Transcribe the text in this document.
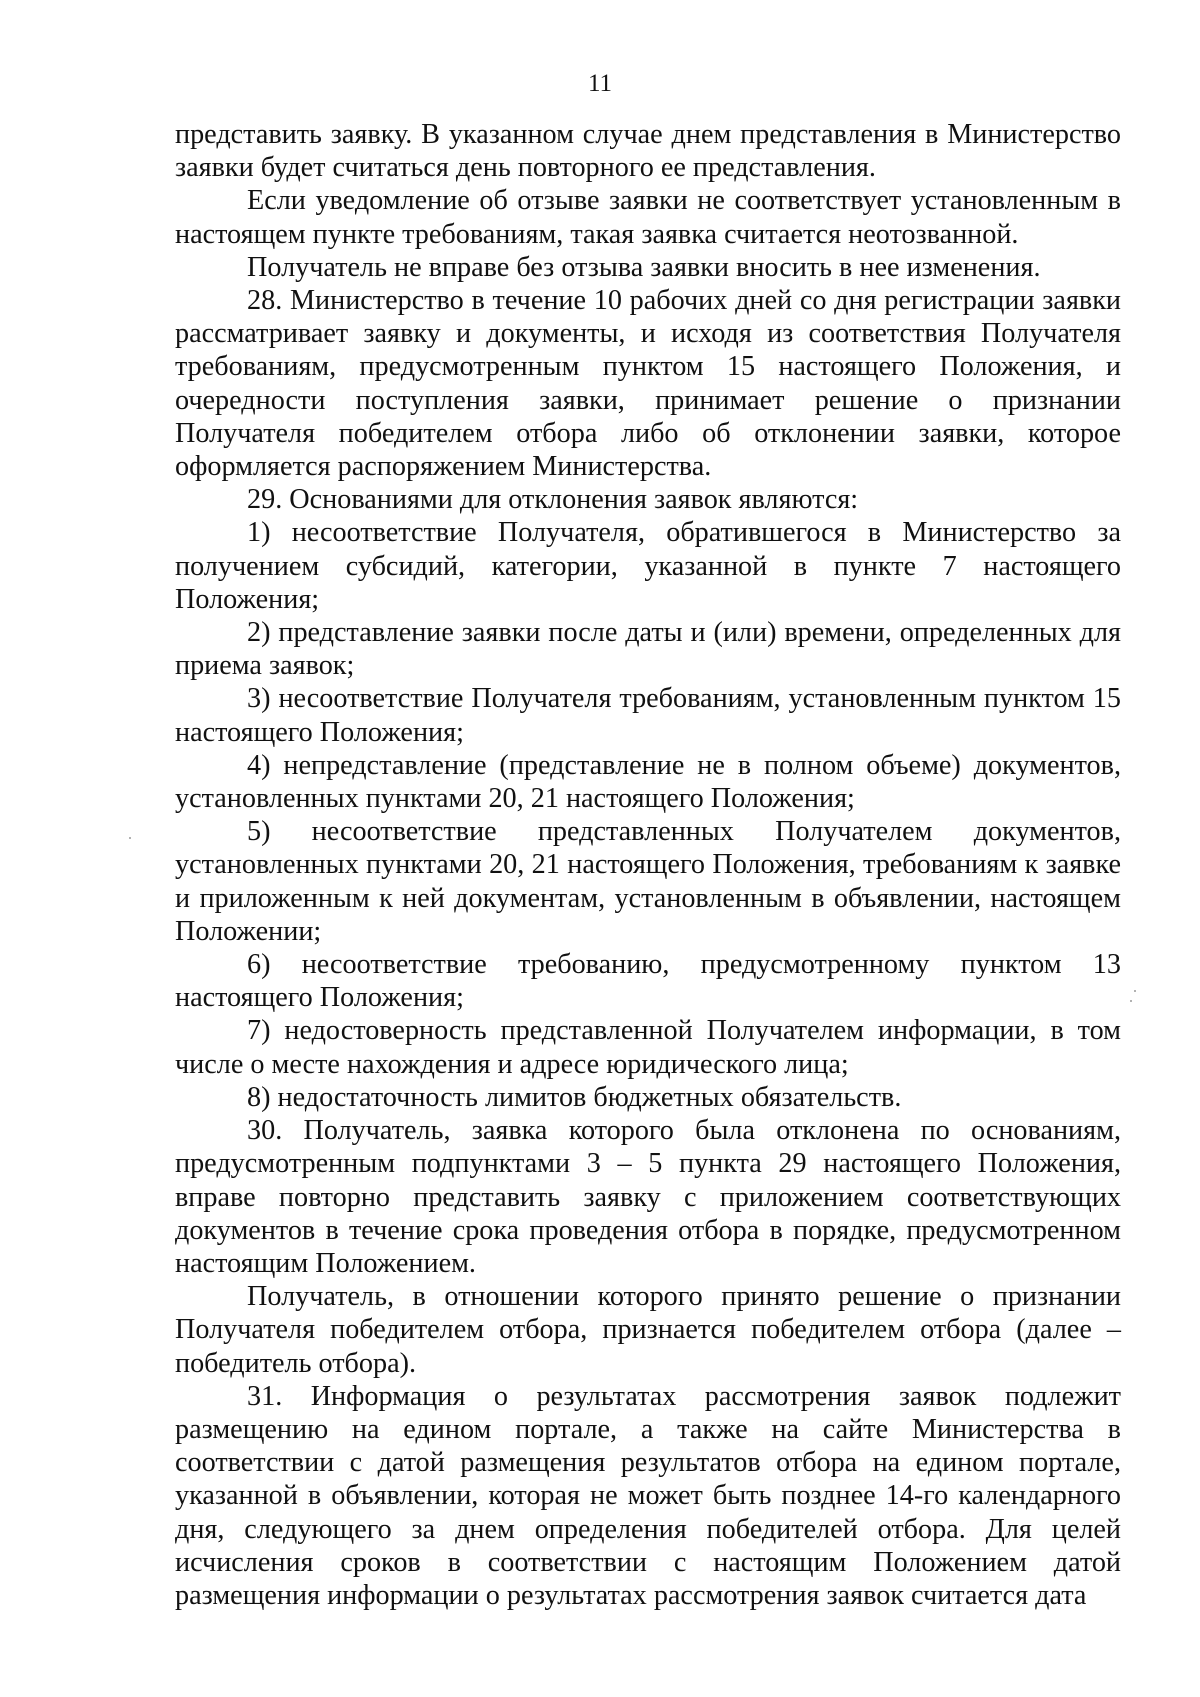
11

представить заявку. В указанном случае днем представления в Министерство заявки будет считаться день повторного ее представления.

Если уведомление об отзыве заявки не соответствует установленным в настоящем пункте требованиям, такая заявка считается неотозванной.

Получатель не вправе без отзыва заявки вносить в нее изменения.

28. Министерство в течение 10 рабочих дней со дня регистрации заявки рассматривает заявку и документы, и исходя из соответствия Получателя требованиям, предусмотренным пунктом 15 настоящего Положения, и очередности поступления заявки, принимает решение о признании Получателя победителем отбора либо об отклонении заявки, которое оформляется распоряжением Министерства.

29. Основаниями для отклонения заявок являются:

1) несоответствие Получателя, обратившегося в Министерство за получением субсидий, категории, указанной в пункте 7 настоящего Положения;

2) представление заявки после даты и (или) времени, определенных для приема заявок;

3) несоответствие Получателя требованиям, установленным пунктом 15 настоящего Положения;

4) непредставление (представление не в полном объеме) документов, установленных пунктами 20, 21 настоящего Положения;

5) несоответствие представленных Получателем документов, установленных пунктами 20, 21 настоящего Положения, требованиям к заявке и приложенным к ней документам, установленным в объявлении, настоящем Положении;

6) несоответствие требованию, предусмотренному пунктом 13 настоящего Положения;

7) недостоверность представленной Получателем информации, в том числе о месте нахождения и адресе юридического лица;

8) недостаточность лимитов бюджетных обязательств.

30. Получатель, заявка которого была отклонена по основаниям, предусмотренным подпунктами 3 – 5 пункта 29 настоящего Положения, вправе повторно представить заявку с приложением соответствующих документов в течение срока проведения отбора в порядке, предусмотренном настоящим Положением.

Получатель, в отношении которого принято решение о признании Получателя победителем отбора, признается победителем отбора (далее – победитель отбора).

31. Информация о результатах рассмотрения заявок подлежит размещению на едином портале, а также на сайте Министерства в соответствии с датой размещения результатов отбора на едином портале, указанной в объявлении, которая не может быть позднее 14-го календарного дня, следующего за днем определения победителей отбора. Для целей исчисления сроков в соответствии с настоящим Положением датой размещения информации о результатах рассмотрения заявок считается дата
